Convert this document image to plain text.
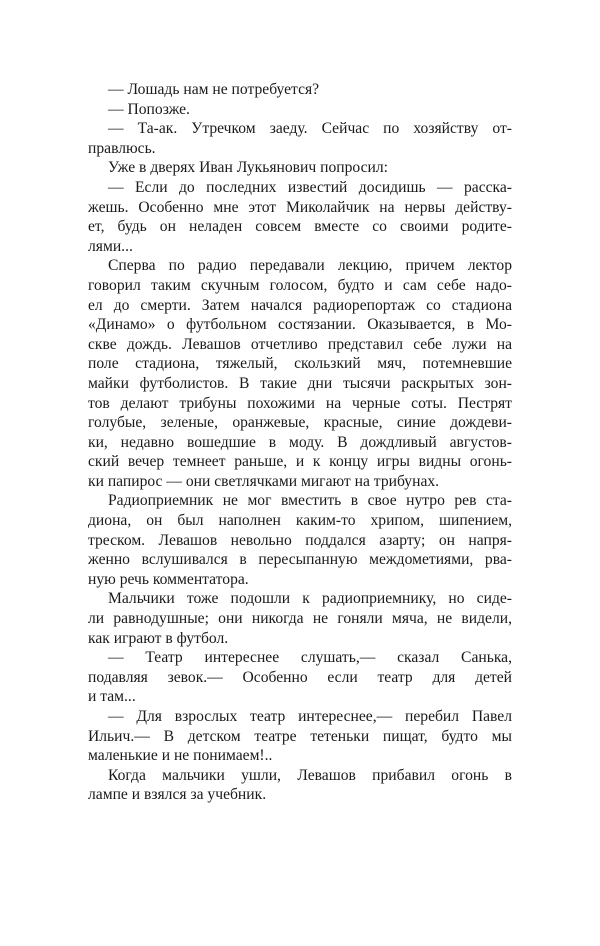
— Лошадь нам не потребуется?

— Попозже.

— Та-ак. Утречком заеду. Сейчас по хозяйству от-
правлюсь.

Уже в дверях Иван Лукьянович попросил:

— Если до последних известий досидишь — расска-
жешь. Особенно мне этот Миколайчик на нервы действу-
ет, будь он неладен совсем вместе со своими родите-
лями...

Сперва по радио передавали лекцию, причем лектор
говорил таким скучным голосом, будто и сам себе надо-
ел до смерти. Затем начался радиорепортаж со стадиона
«Динамо» о футбольном состязании. Оказывается, в Мо-
скве дождь. Левашов отчетливо представил себе лужи на
поле стадиона, тяжелый, скользкий мяч, потемневшие
майки футболистов. В такие дни тысячи раскрытых зон-
тов делают трибуны похожими на черные соты. Пестрят
голубые, зеленые, оранжевые, красные, синие дождеви-
ки, недавно вошедшие в моду. В дождливый августов-
ский вечер темнеет раньше, и к концу игры видны огонь-
ки папирос — они светлячками мигают на трибунах.

Радиоприемник не мог вместить в свое нутро рев ста-
диона, он был наполнен каким-то хрипом, шипением,
треском. Левашов невольно поддался азарту; он напря-
женно вслушивался в пересыпанную междометиями, рва-
ную речь комментатора.

Мальчики тоже подошли к радиоприемнику, но сиде-
ли равнодушные; они никогда не гоняли мяча, не видели,
как играют в футбол.

— Театр интереснее слушать,— сказал Санька,
подавляя зевок.— Особенно если театр для детей
и там...

— Для взрослых театр интереснее,— перебил Павел
Ильич.— В детском театре тетеньки пищат, будто мы
маленькие и не понимаем!..

Когда мальчики ушли, Левашов прибавил огонь в
лампе и взялся за учебник.
